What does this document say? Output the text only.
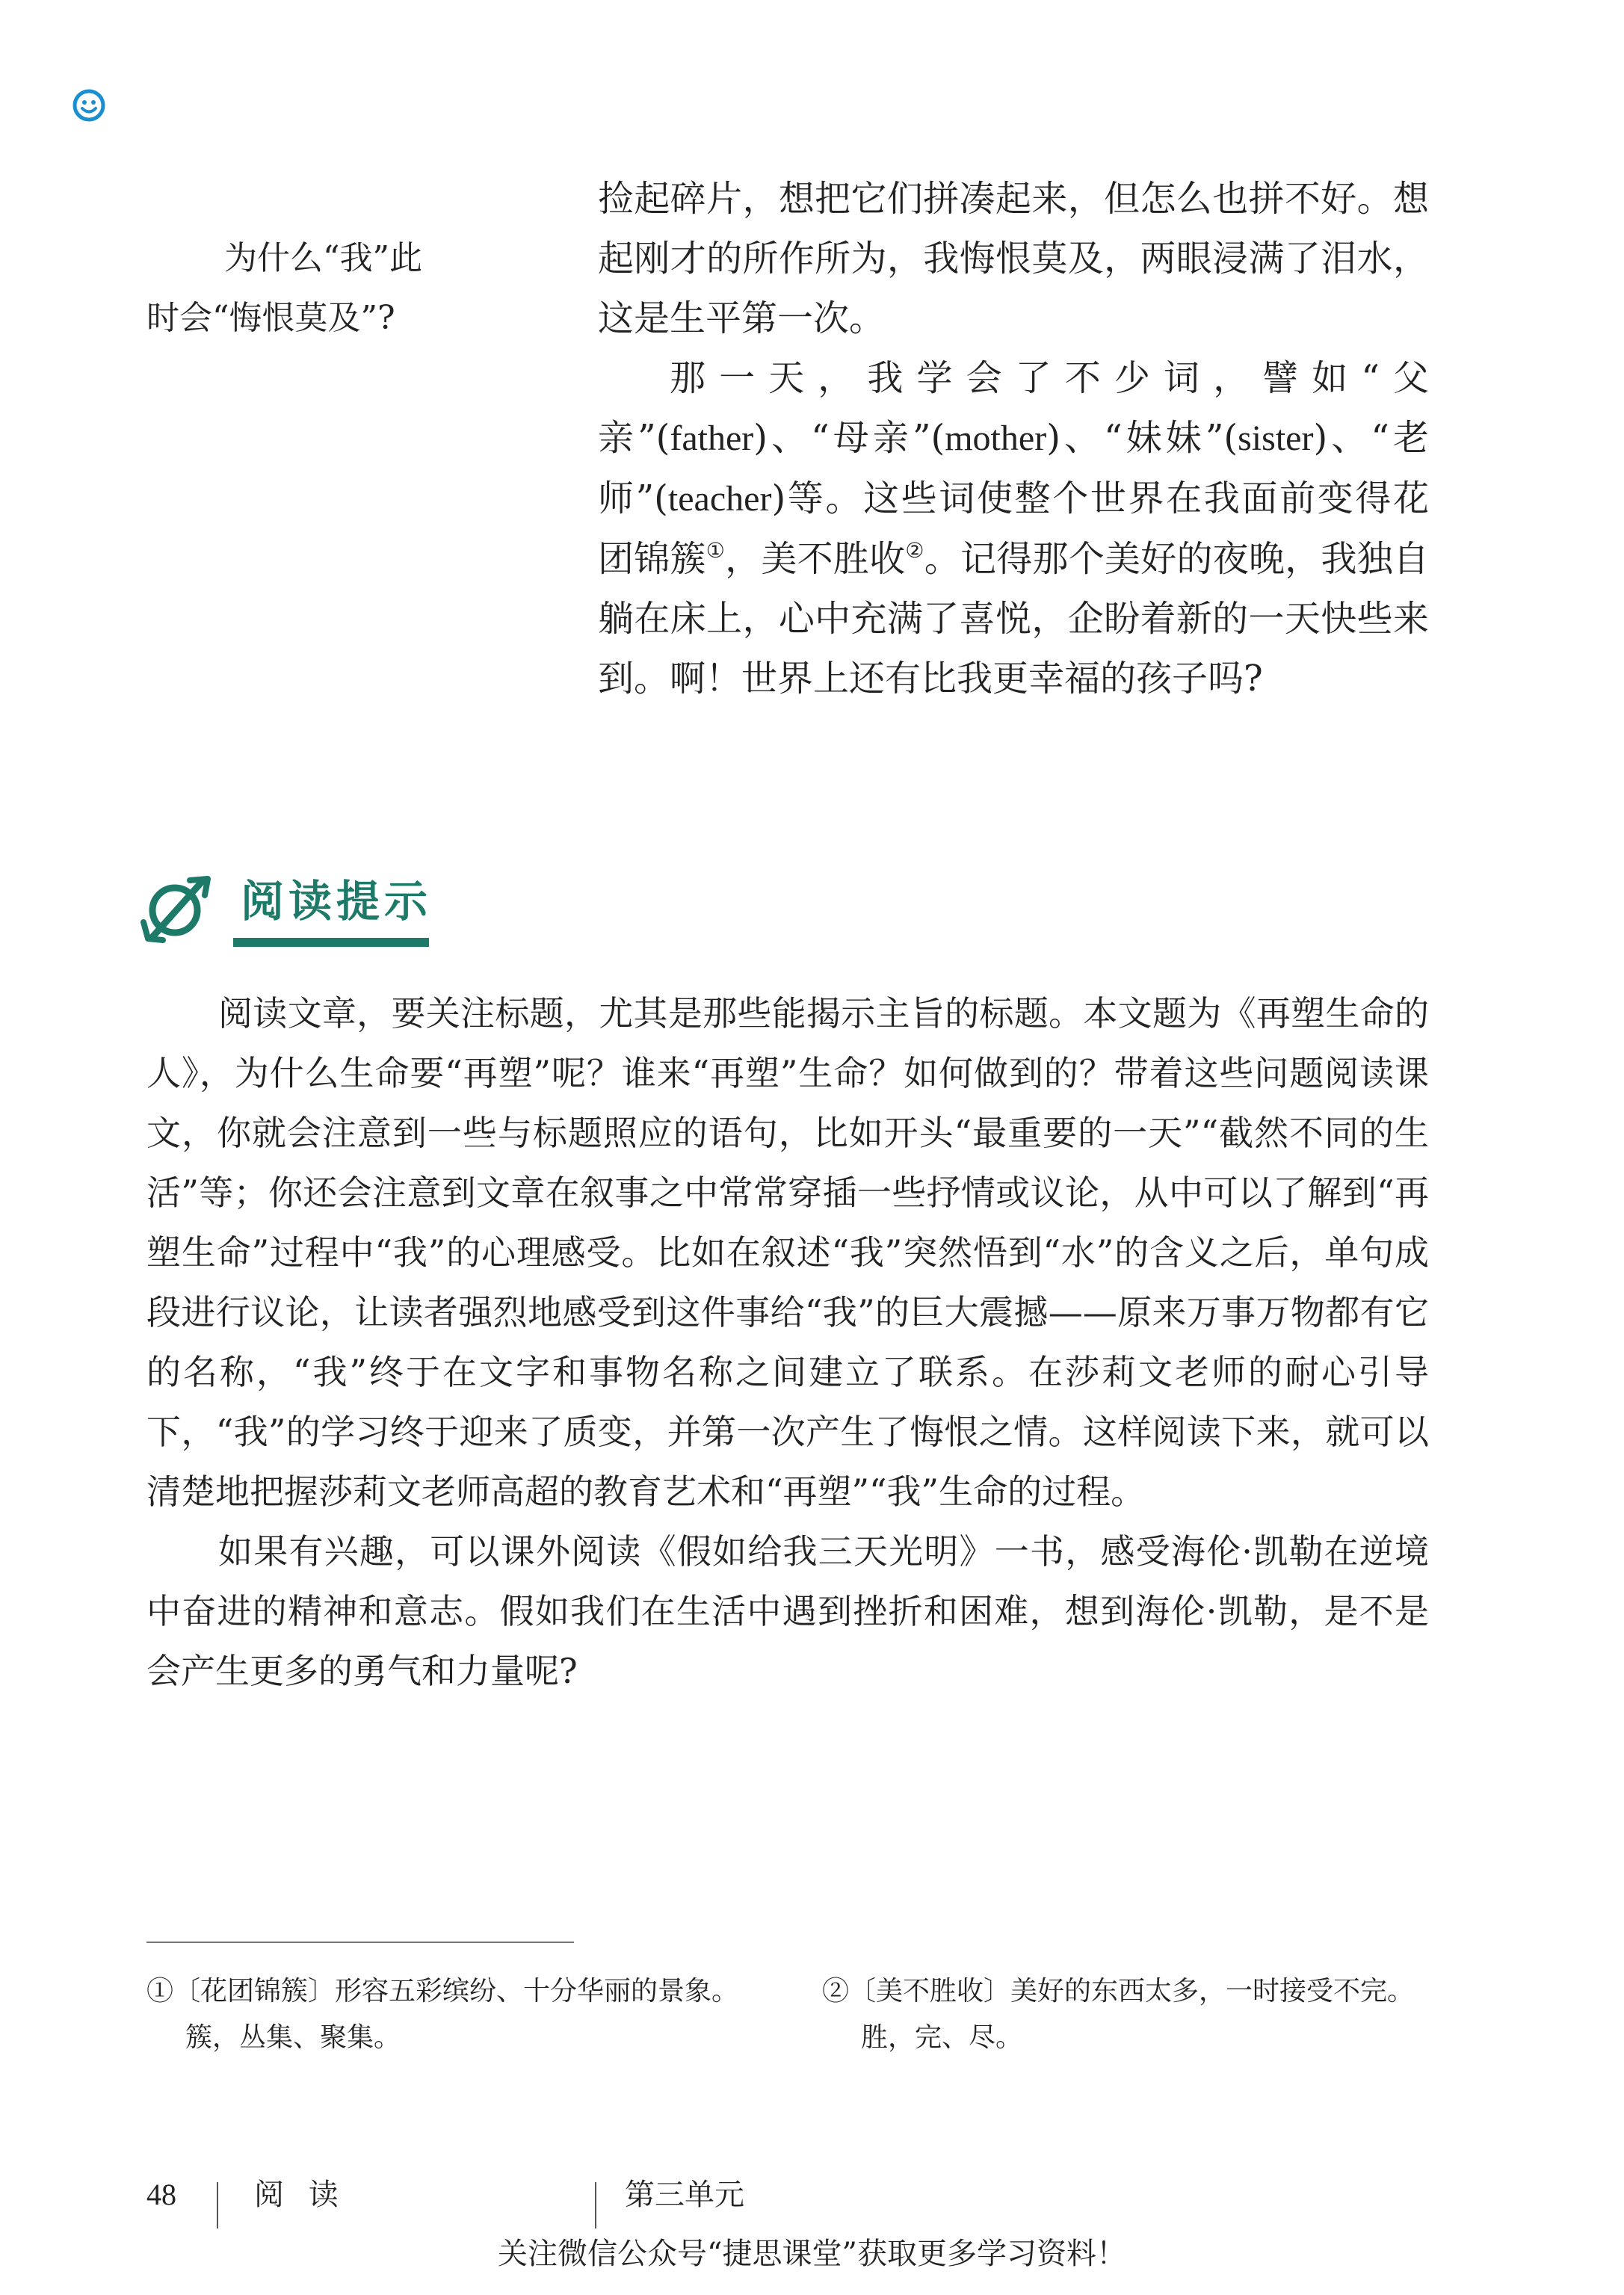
为什么“我”此

时会“悔恨莫及”?

捡起碎片，想把它们拼凑起来，但怎么也拼不好。想起刚才的所作所为，我悔恨莫及，两眼浸满了泪水，这是生平第一次。

那一天，我学会了不少词，譬如“父亲”(father)、“母亲”(mother)、“妹妹”(sister)、“老师”(teacher)等。这些词使整个世界在我面前变得花团锦簇①，美不胜收②。记得那个美好的夜晚，我独自躺在床上，心中充满了喜悦，企盼着新的一天快些来到。啊！世界上还有比我更幸福的孩子吗?

阅读提示

阅读文章，要关注标题，尤其是那些能揭示主旨的标题。本文题为《再塑生命的人》，为什么生命要“再塑”呢？谁来“再塑”生命？如何做到的？带着这些问题阅读课文，你就会注意到一些与标题照应的语句，比如开头“最重要的一天”“截然不同的生活”等；你还会注意到文章在叙事之中常常穿插一些抒情或议论，从中可以了解到“再塑生命”过程中“我”的心理感受。比如在叙述“我”突然悟到“水”的含义之后，单句成段进行议论，让读者强烈地感受到这件事给“我”的巨大震撼——原来万事万物都有它的名称，“我”终于在文字和事物名称之间建立了联系。在莎莉文老师的耐心引导下，“我”的学习终于迎来了质变，并第一次产生了悔恨之情。这样阅读下来，就可以清楚地把握莎莉文老师高超的教育艺术和“再塑”“我”生命的过程。

如果有兴趣，可以课外阅读《假如给我三天光明》一书，感受海伦·凯勒在逆境中奋进的精神和意志。假如我们在生活中遇到挫折和困难，想到海伦·凯勒，是不是会产生更多的勇气和力量呢?

①〔花团锦簇〕形容五彩缤纷、十分华丽的景象。

簇，丛集、聚集。

②〔美不胜收〕美好的东西太多，一时接受不完。

胜，完、尽。

48	阅 读	第三单元
关注微信公众号“捷思课堂”获取更多学习资料！
